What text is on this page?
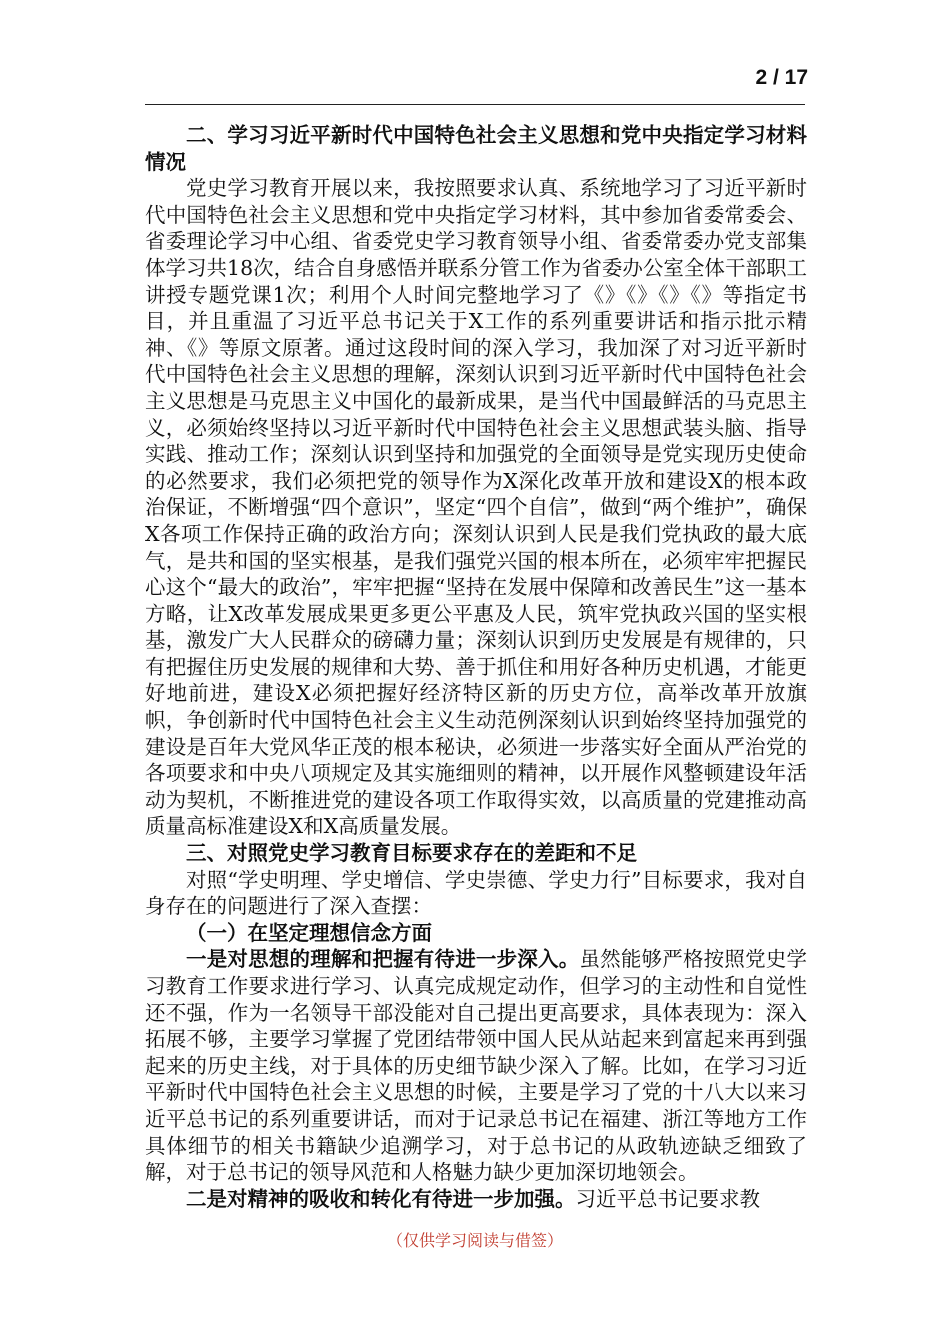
2 / 17

二、学习习近平新时代中国特色社会主义思想和党中央指定学习材料情况

党史学习教育开展以来，我按照要求认真、系统地学习了习近平新时代中国特色社会主义思想和党中央指定学习材料，其中参加省委常委会、省委理论学习中心组、省委党史学习教育领导小组、省委常委办党支部集体学习共18次，结合自身感悟并联系分管工作为省委办公室全体干部职工讲授专题党课1次；利用个人时间完整地学习了《》《》《》《》等指定书目，并且重温了习近平总书记关于X工作的系列重要讲话和指示批示精神、《》等原文原著。通过这段时间的深入学习，我加深了对习近平新时代中国特色社会主义思想的理解，深刻认识到习近平新时代中国特色社会主义思想是马克思主义中国化的最新成果，是当代中国最鲜活的马克思主义，必须始终坚持以习近平新时代中国特色社会主义思想武装头脑、指导实践、推动工作；深刻认识到坚持和加强党的全面领导是党实现历史使命的必然要求，我们必须把党的领导作为X深化改革开放和建设X的根本政治保证，不断增强“四个意识”，坚定“四个自信”，做到“两个维护”，确保X各项工作保持正确的政治方向；深刻认识到人民是我们党执政的最大底气，是共和国的坚实根基，是我们强党兴国的根本所在，必须牢牢把握民心这个“最大的政治”，牢牢把握“坚持在发展中保障和改善民生”这一基本方略，让X改革发展成果更多更公平惠及人民，筑牢党执政兴国的坚实根基，激发广大人民群众的磅礴力量；深刻认识到历史发展是有规律的，只有把握住历史发展的规律和大势、善于抓住和用好各种历史机遇，才能更好地前进，建设X必须把握好经济特区新的历史方位，高举改革开放旗帜，争创新时代中国特色社会主义生动范例深刻认识到始终坚持加强党的建设是百年大党风华正茂的根本秘诀，必须进一步落实好全面从严治党的各项要求和中央八项规定及其实施细则的精神，以开展作风整顿建设年活动为契机，不断推进党的建设各项工作取得实效，以高质量的党建推动高质量高标准建设X和X高质量发展。

三、对照党史学习教育目标要求存在的差距和不足

对照“学史明理、学史增信、学史崇德、学史力行”目标要求，我对自身存在的问题进行了深入查摆：

（一）在坚定理想信念方面

一是对思想的理解和把握有待进一步深入。虽然能够严格按照党史学习教育工作要求进行学习、认真完成规定动作，但学习的主动性和自觉性还不强，作为一名领导干部没能对自己提出更高要求，具体表现为：深入拓展不够，主要学习掌握了党团结带领中国人民从站起来到富起来再到强起来的历史主线，对于具体的历史细节缺少深入了解。比如，在学习习近平新时代中国特色社会主义思想的时候，主要是学习了党的十八大以来习近平总书记的系列重要讲话，而对于记录总书记在福建、浙江等地方工作具体细节的相关书籍缺少追溯学习，对于总书记的从政轨迹缺乏细致了解，对于总书记的领导风范和人格魅力缺少更加深切地领会。

二是对精神的吸收和转化有待进一步加强。习近平总书记要求教

（仅供学习阅读与借签）
